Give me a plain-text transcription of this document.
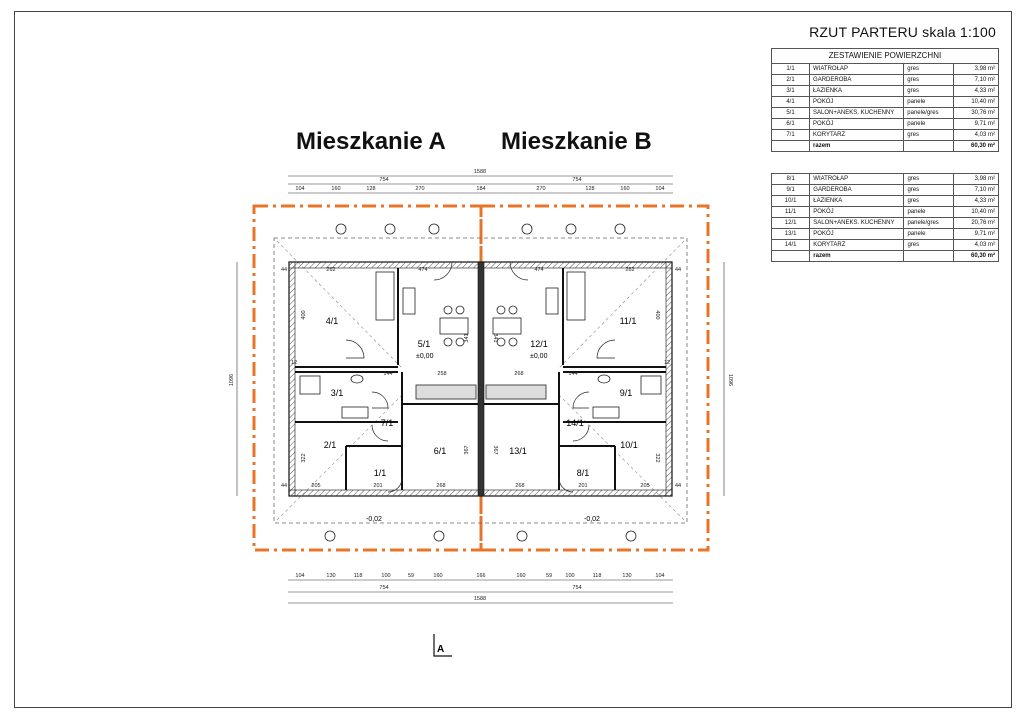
RZUT PARTERU skala 1:100
ZESTAWIENIE POWIERZCHNI			
1/1	WIATROŁAP	gres	3,98 m²
2/1	GARDEROBA	gres	7,10 m²
3/1	ŁAZIENKA	gres	4,33 m²
4/1	POKÓJ	panele	10,40 m²
5/1	SALON+ANEKS. KUCHENNY	panele/gres	30,76 m²
6/1	POKÓJ	panele	9,71 m²
7/1	KORYTARZ	gres	4,03 m²
	razem		60,30 m²
8/1	WIATROŁAP	gres	3,98 m²
9/1	GARDEROBA	gres	7,10 m²
10/1	ŁAZIENKA	gres	4,33 m²
11/1	POKÓJ	panele	10,40 m²
12/1	SALON+ANEKS. KUCHENNY	panele/gres	20,76 m²
13/1	POKÓJ	panele	9,71 m²
14/1	KORYTARZ	gres	4,03 m²
	razem		60,30 m²
Mieszkanie A Mieszkanie B
A
1/1
2/1
3/1
4/1
5/1
6/1
7/1
8/1
9/1
10/1
11/1
12/1
13/1
14/1
±0,00	±0,00
-0,02	-0,02
1588
754	754
104	160	128	270	184	270	128	160	104
104	130	118	100	59	160	166	160	59 100	118	130	104
754	754
1588
1096	1096
262	474	474	262
144	258	268	144
205	201	268	268	201	205
400	400
322	322
367	367
341	341
44	44
44	44
12	12
